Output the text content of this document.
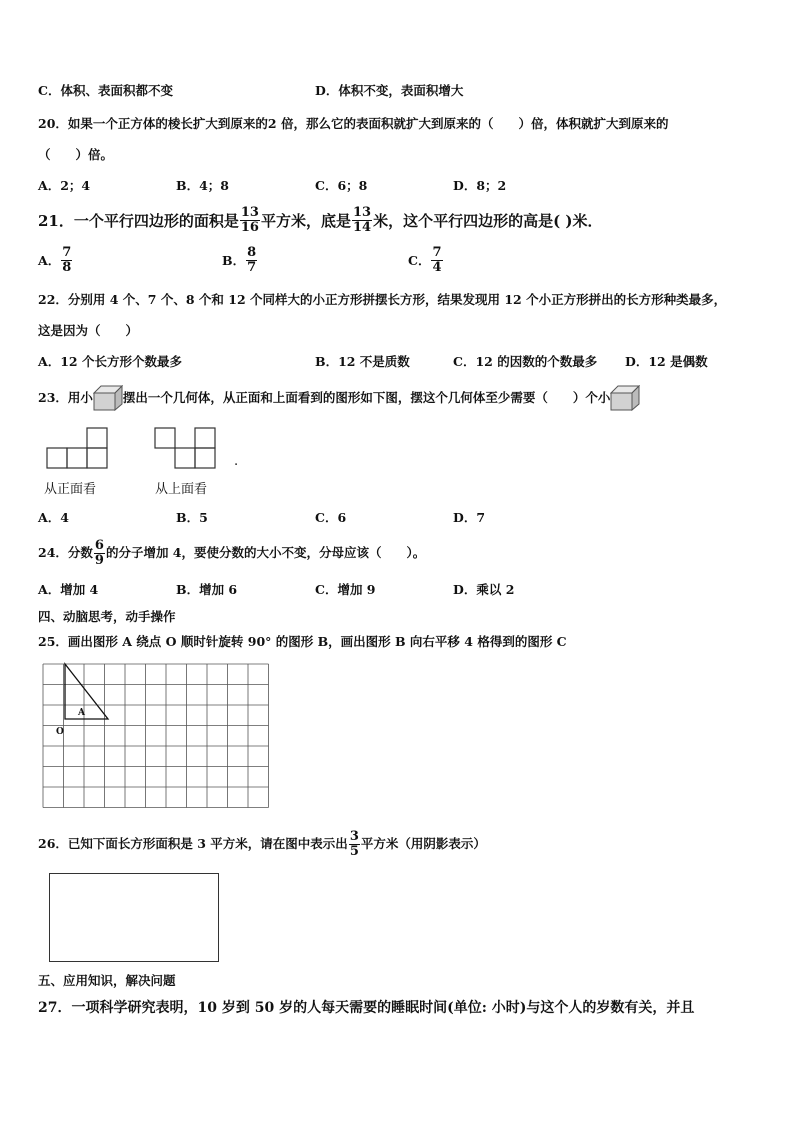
C．体积、表面积都不变	D．体积不变，表面积增大
20．如果一个正方体的棱长扩大到原来的2 倍，那么它的表面积就扩大到原来的（　　）倍，体积就扩大到原来的
（　　）倍。
A．2；4	B．4；8	C．6；8	D．8；2
21．一个平行四边形的面积是 $\frac{13}{16}$ 平方米，底是 $\frac{13}{14}$ 米，这个平行四边形的高是( )米．
A． $\frac{7}{8}$	B． $\frac{8}{7}$	C． $\frac{7}{4}$
22．分别用 4 个、7 个、8 个和 12 个同样大的小正方形拼摆长方形，结果发现用 12 个小正方形拼出的长方形种类最多，
这是因为（　　）
A．12 个长方形个数最多	B．12 不是质数	C．12 的因数的个数最多 D．12 是偶数
23．用小 摆出一个几何体，从正面和上面看到的图形如下图，摆这个几何体至少需要（　　）个小
.
从正面看	从上面看
A．4	B．5	C．6	D．7
24．分数 $\frac{6}{9}$ 的分子增加 4，要使分数的大小不变，分母应该（　　）。
A．增加 4	B．增加 6	C．增加 9	D．乘以 2
四、动脑思考，动手操作
25．画出图形 A 绕点 O 顺时针旋转 90° 的图形 B，画出图形 B 向右平移 4 格得到的图形 C
A
O
26．已知下面长方形面积是 3 平方米，请在图中表示出 $\frac{3}{5}$ 平方米（用阴影表示）
五、应用知识，解决问题
27．一项科学研究表明，10 岁到 50 岁的人每天需要的睡眠时间(单位: 小时)与这个人的岁数有关，并且
